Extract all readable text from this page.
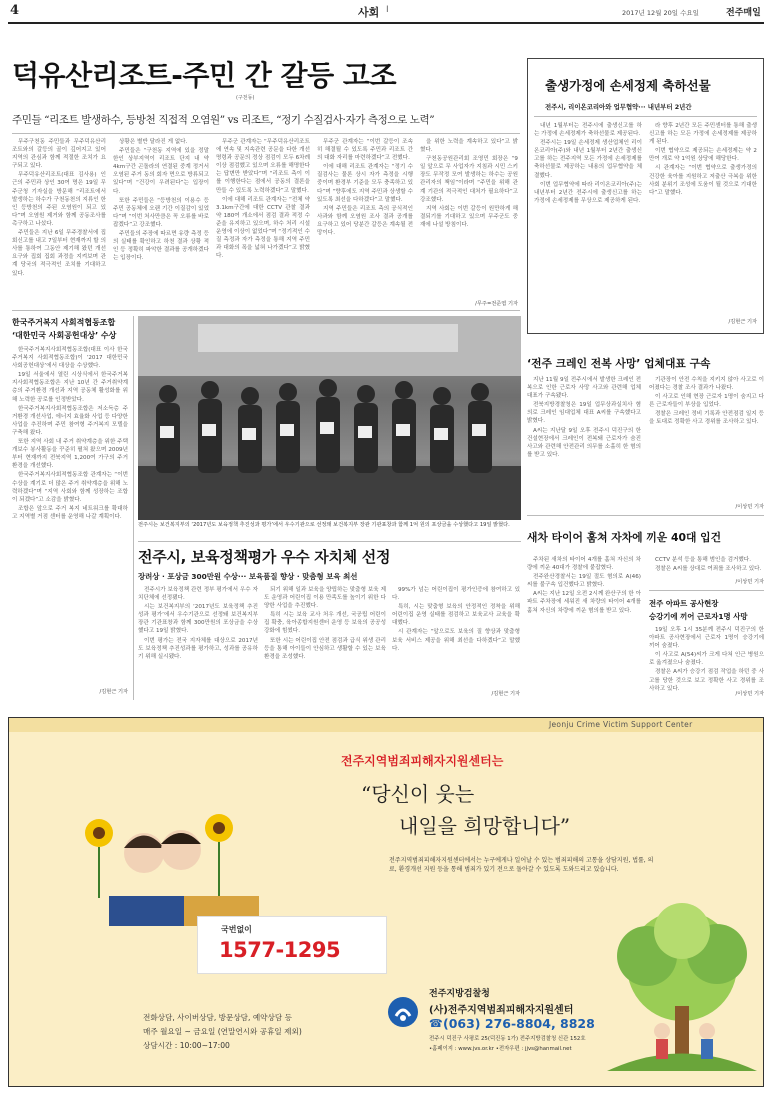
4	사회 I	2017년 12월 20일 수요일	전주매일
덕유산리조트-주민 간 갈등 고조
(구천동)
주민들 “리조트 발생하수, 등방천 직접적 오염원” vs 리조트, “정기 수질검사·자가 측정으로 노력”

무주구천동 주민들과 무주덕유산리조트와의 갈등의 골이 깊어지고 있어 지역의 관심과 함께 적절한 조치가 요구되고 있다.

무주덕유산리조트(대표 김사용) 인근의 주민과 상인 30여 명은 19일 무주군청 기자실을 방문해 “리조트에서 발생하는 하수가 구천동천의 지류인 한인 등방천의 주된 오염원이 되고 있다”며 오염원 제거와 함께 공동조사를 촉구하고 나섰다.

주민들은 지난 6일 무주경찰서에 집회신고를 내고 7일부터 현재까지 할 의사를 통하여 그동안 제기해 왔던 개선 요구와 집회 집회 과정을 지켜보며 관계 당국의 적극적인 조치를 기대하고 있다.

상황은 별반 달라진 게 없다.

주민들은 “구천동 지역에 있을 정말 한인 상부지역이 리조트 단지 내 약 4km구간 곤돌라의 연결된 중계 정거서 오염된 주거 동의 회자 면으로 방류되고 있다”며 “건강이 우려된다”는 입장이다.

또한 주민들은 “등방천의 이용수 등 주민 공동체에 오랜 기간 이질감이 있었다”며 “이번 처사만큼은 꼭 오류를 바로잡겠다”고 강조했다.

주민들의 주장에 따르면 유량 측정 등의 실태를 확인하고 하천 결과 상황 적인 등 정확히 파악한 결과를 공개하겠다는 입장이다.

무주군 관계자는 “무주덕유산리조트에 연속 및 지속관련 공문을 다한 개선 명령과 공문의 정상 점검이 모두 6차례 이상 점검했고 있으며 오류를 해명한다는 답변만 받았다”며 “리조트 측이 이를 이행한다는 점에서 공동의 결론을 만들 수 있도록 노력하겠다”고 말했다.

이에 대해 리조트 관계자는 “전체 약 3.1km구간에 대한 CCTV 관찰 결과 약 180여 개소에서 점검 결과 적정 수준을 유지하고 있으며, 하수 처리 시설 운영에 이상이 없었다”며 “정기적인 수질 측정과 자가 측정을 통해 지역 주민과 대화의 폭을 넓혀 나가겠다”고 밝혔다.

무주군 관계자는 “이번 갈등이 조속히 해결될 수 있도록 주민과 리조트 간의 대화 자리를 마련하겠다”고 전했다.

이에 대해 리조트 관계자는 “정기 수질검사는 물론 상시 자가 측정을 시행 중이며 환경부 기준을 모두 충족하고 있다”며 “향후에도 지역 주민과 상생할 수 있도록 최선을 다하겠다”고 말했다.

지역 주민들은 리조트 측의 공식적인 사과와 함께 오염원 조사 결과 공개를 요구하고 있어 당분간 갈등은 계속될 전망이다.

을 위한 노력을 계속하고 있다”고 밝혔다.

구천동공원관리회 조영민 회장은 “9일 앞으로 무 사업자가 지침과 시민 스키장도 무작정 모여 발생하는 하수는 공원관리자의 책임”이라며 “주민을 위해 관계 기관의 적극적인 대처가 필요하다”고 강조했다.

지역 사회는 이번 갈등이 원만하게 해결되기를 기대하고 있으며 무주군도 중재에 나설 방침이다.

/무주=전준엽 기자
한국주거복지 사회적협동조합
‘대한민국 사회공헌대상’ 수상

한국주거복지사회적협동조합(대표 이사 한국주거복지 사회적협동조합)이 ‘2017 대한민국 사회공헌대상’에서 대상을 수상했다.

19일 서울에서 열린 시상식에서 한국주거복지사회적협동조합은 지난 10년 간 주거취약계층의 주거환경 개선과 지역 공동체 활성화를 위해 노력한 공로를 인정받았다.

한국주거복지사회적협동조합은 저소득층 주거환경 개선사업, 에너지 효율화 사업 등 다양한 사업을 추진하며 주민 참여형 주거복지 모델을 구축해 왔다.

또한 지역 사회 내 주거 취약계층을 위한 주택 개보수 봉사활동을 꾸준히 펼쳐 왔으며 2009년부터 현재까지 전북지역 1,200여 가구의 주거 환경을 개선했다.

한국주거복지사회적협동조합 관계자는 “이번 수상을 계기로 더 많은 주거 취약계층을 위해 노력하겠다”며 “지역 사회와 함께 성장하는 조합이 되겠다”고 소감을 밝혔다.

조합은 앞으로 주거 복지 네트워크를 확대하고 지역별 거점 센터를 운영해 나갈 계획이다.

/김현근 기자
전주시는 보건복지부의 ‘2017년도 보육정책 추진성과 평가’에서 우수기관으로 선정돼 보건복지부 장관 기관표창과 함께 1억 원의 포상금을 수상했다고 19일 밝혔다.
전주시, 보육정책평가 우수 자치체 선정
장려상 · 포상금 300만원 수상··· 보육품질 향상 · 맞춤형 보육 최선

전주시가 보육정책 관련 정부 평가에서 우수 자치단체에 선정됐다.

시는 보건복지부의 ‘2017년도 보육정책 추진성과 평가’에서 우수기관으로 선정돼 보건복지부 장관 기관표창과 함께 300만원의 포상금을 수상했다고 19일 밝혔다.

이번 평가는 전국 지자체를 대상으로 2017년도 보육정책 추진성과를 평가하고, 성과를 공유하기 위해 실시됐다.

되기 위해 일과 보육을 양립하는 맞춤형 보육 제도 운영과 어린이집 이용 만족도를 높이기 위한 다양한 사업을 추진했다.

특히 시는 보육 교사 처우 개선, 국공립 어린이집 확충, 육아종합지원센터 운영 등 보육의 공공성 강화에 힘썼다.

또한 시는 어린이집 안전 점검과 급식 위생 관리 등을 통해 아이들이 안심하고 생활할 수 있는 보육환경을 조성했다.

99%가 넘는 어린이집이 평가인증에 참여하고 있다.

특히, 시는 맞춤형 보육의 안정적인 정착을 위해 어린이집 운영 실태를 점검하고 보육교사 교육을 확대했다.

시 관계자는 “앞으로도 보육의 질 향상과 맞춤형 보육 서비스 제공을 위해 최선을 다하겠다”고 말했다.

/김현근 기자
출생가정에 손세정제 축하선물
전주시, 리이온코리아와 업무협약··· 내년부터 2년간

내년 1월부터는 전주시에 출생신고를 하는 가정에 손세정제가 축하선물로 제공된다.

전주시는 19일 손세정제 생산업체인 리이온코리아(주)와 내년 1월부터 2년간 출생신고를 하는 전주지역 모든 가정에 손세정제를 축하선물로 제공하는 내용의 업무협약을 체결했다.

이번 업무협약에 따라 리이온코리아(주)는 내년부터 2년간 전주시에 출생신고를 하는 가정에 손세정제를 무상으로 제공하게 된다.

라 향후 2년간 모든 주민센터를 통해 출생신고를 하는 모든 가정에 손세정제를 제공하게 된다.

이번 협약으로 제공되는 손세정제는 약 2만여 개로 약 1억원 상당에 해당한다.

시 관계자는 “이번 협약으로 출생가정의 건강한 육아를 지원하고 저출산 극복을 위한 사회 분위기 조성에 도움이 될 것으로 기대한다”고 말했다.

/김현근 기자
‘전주 크레인 전복 사망’ 업체대표 구속

지난 11월 9일 전주시에서 발생한 크레인 전복으로 인한 근로자 사망 사고와 관련해 업체 대표가 구속됐다.

전북지방경찰청은 19일 업무상과실치사 혐의로 크레인 임대업체 대표 A씨를 구속했다고 밝혔다.

A씨는 지난달 9일 오후 전주시 덕진구의 한 건설현장에서 크레인이 전복돼 근로자가 숨진 사고와 관련해 안전관리 의무를 소홀히 한 혐의를 받고 있다.

기관장이 안전 수칙을 지키지 않아 사고로 이어졌다는 경찰 조사 결과가 나왔다.

이 사고로 인해 현장 근로자 1명이 숨지고 다른 근로자들이 부상을 입었다.

경찰은 크레인 정비 기록과 안전점검 일지 등을 토대로 정확한 사고 경위를 조사하고 있다.

/이상민 기자
새차 타이어 훔쳐 자차에 끼운 40대 입건

주차된 새차의 타이어 4개를 훔쳐 자신의 차량에 끼운 40대가 경찰에 붙잡혔다.

전주완산경찰서는 19일 절도 혐의로 A(46)씨를 불구속 입건했다고 밝혔다.

A씨는 지난 12일 오전 2시께 완산구의 한 아파트 주차장에 세워진 새 차량의 타이어 4개를 훔쳐 자신의 차량에 끼운 혐의를 받고 있다.

CCTV 분석 등을 통해 범인을 검거했다.

경찰은 A씨를 상대로 여죄를 조사하고 있다.

/이상민 기자
전주 아파트 공사현장
승강기에 끼어 근로자1명 사망

19일 오후 1시 35분께 전주시 덕진구의 한 아파트 공사현장에서 근로자 1명이 승강기에 끼어 숨졌다.

이 사고로 A(54)씨가 크게 다쳐 인근 병원으로 옮겨졌으나 숨졌다.

경찰은 A씨가 승강기 점검 작업을 하던 중 사고를 당한 것으로 보고 정확한 사고 경위를 조사하고 있다.

/이상민 기자
Jeonju Crime Victim Support Center
전주지역범죄피해자지원센터는
“당신이 웃는
내일을 희망합니다”
전주지역범죄피해자지원센터에서는 누구에게나 일어날 수 있는 범죄피해의 고통을 상담지원, 법률, 의료, 환경개선 지원 등을 통해 범죄가 있기 전으로 돌아갈 수 있도록 도와드리고 있습니다.
국번없이
1577-1295
전화상담, 사이버상담, 방문상담, 예약상담 등
매주 월요일 ~ 금요일 (연말연시와 공휴일 제외)
상담시간 : 10:00~17:00
전주지방검찰청
(사)전주지역범죄피해자지원센터
☎ (063) 276-8804, 8828
전주시 덕진구 사평로 25(덕진동 1가) 전주지방검찰청 신관 152호
•홈페이지 : www.jvs.or.kr •전자우편 : jjvs@hanmail.net
